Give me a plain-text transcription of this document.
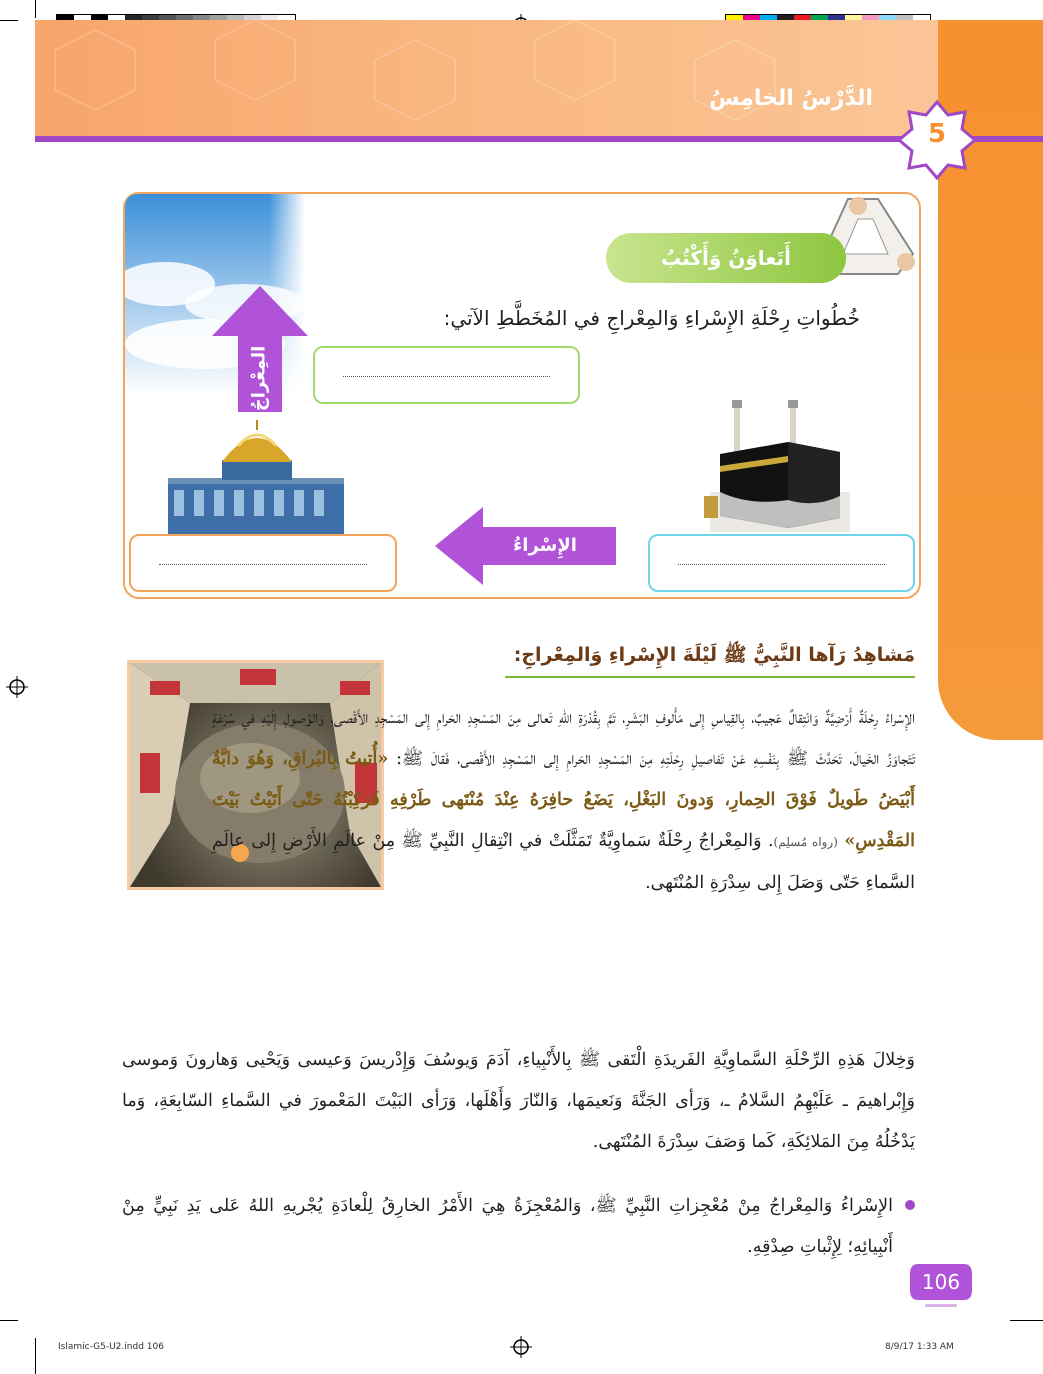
الدَّرْسُ الخامِسُ
5
أَتَعاوَنُ وَأَكْتُبُ
خُطُواتِ رِحْلَةِ الإِسْراءِ وَالمِعْراجِ في المُخَطَّطِ الآتي:
المِعْراجُ
الإِسْراءُ
مَشاهِدُ رَآها النَّبِيُّ ﷺ لَيْلَةَ الإِسْراءِ وَالمِعْراجِ:
الإِسْراءُ رِحْلَةٌ أَرْضِيَّةٌ وَانْتِقالٌ عَجيبٌ، بِالقِياسِ إِلى مَأْلوفِ البَشَرِ، تَمَّ بِقُدْرَةِ اللهِ تَعالى مِنَ المَسْجِدِ الحَرامِ إِلى المَسْجِدِ الأَقْصى، وَالوُصولِ إِلَيْهِ في سُرْعَةٍ تَتَجاوَزُ الخَيالَ، تَحَدَّثَ ﷺ بِنَفْسِهِ عَنْ تَفاصيلِ رِحْلَتِهِ مِنَ المَسْجِدِ الحَرامِ إِلى المَسْجِدِ الأَقْصى، فَقالَ ﷺ: «أُتيتُ بِالبُراقِ، وَهُوَ دابَّةٌ أَبْيَضُ طَويلٌ فَوْقَ الحِمارِ، وَدونَ البَغْلِ، يَضَعُ حافِرَهُ عِنْدَ مُنْتَهى طَرْفِهِ فَرَكِبْتُهُ حَتّى أَتَيْتُ بَيْتَ المَقْدِسِ» (رواه مُسلِم). وَالمِعْراجُ رِحْلَةٌ سَماوِيَّةٌ تَمَثَّلَتْ في انْتِقالِ النَّبِيِّ ﷺ مِنْ عالَمِ الأَرْضِ إِلى عالَمِ السَّماءِ حَتّى وَصَلَ إِلى سِدْرَةِ المُنْتَهى.
وَخِلالَ هَذِهِ الرِّحْلَةِ السَّماوِيَّةِ الفَريدَةِ الْتَقى ﷺ بِالأَنْبِياءِ، آدَمَ وَيوسُفَ وَإِدْريسَ وَعيسى وَيَحْيى وَهارونَ وَموسى وَإِبْراهيمَ ـ عَلَيْهِمُ السَّلامُ ـ، وَرَأى الجَنَّةَ وَنَعيمَها، وَالنّارَ وَأَهْلَها، وَرَأى البَيْتَ المَعْمورَ في السَّماءِ السّابِعَةِ، وَما يَدْخُلُهُ مِنَ المَلائِكَةِ، كَما وَصَفَ سِدْرَةَ المُنْتَهى.
الإِسْراءُ وَالمِعْراجُ مِنْ مُعْجِزاتِ النَّبِيِّ ﷺ، وَالمُعْجِزَةُ هِيَ الأَمْرُ الخارِقُ لِلْعادَةِ يُجْريهِ اللهُ عَلى يَدِ نَبِيٍّ مِنْ أَنْبِيائِهِ؛ لِإِثْباتِ صِدْقِهِ.
106
Islamic-G5-U2.indd 106	8/9/17 1:33 AM
